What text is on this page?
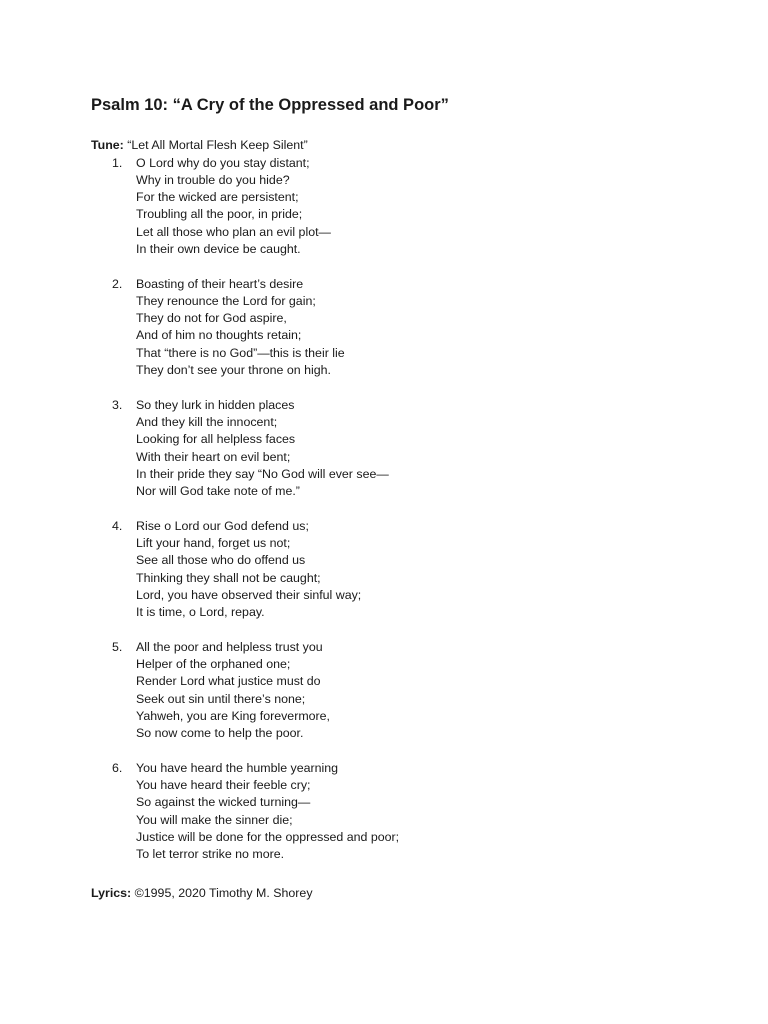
Psalm 10: “A Cry of the Oppressed and Poor”
Tune: “Let All Mortal Flesh Keep Silent”
1.	O Lord why do you stay distant;
Why in trouble do you hide?
For the wicked are persistent;
Troubling all the poor, in pride;
Let all those who plan an evil plot—
In their own device be caught.
2.	Boasting of their heart’s desire
They renounce the Lord for gain;
They do not for God aspire,
And of him no thoughts retain;
That “there is no God”—this is their lie
They don’t see your throne on high.
3.	So they lurk in hidden places
And they kill the innocent;
Looking for all helpless faces
With their heart on evil bent;
In their pride they say “No God will ever see—
Nor will God take note of me.”
4.	Rise o Lord our God defend us;
Lift your hand, forget us not;
See all those who do offend us
Thinking they shall not be caught;
Lord, you have observed their sinful way;
It is time, o Lord, repay.
5.	All the poor and helpless trust you
Helper of the orphaned one;
Render Lord what justice must do
Seek out sin until there’s none;
Yahweh, you are King forevermore,
So now come to help the poor.
6.	You have heard the humble yearning
You have heard their feeble cry;
So against the wicked turning—
You will make the sinner die;
Justice will be done for the oppressed and poor;
To let terror strike no more.
Lyrics: ©1995, 2020 Timothy M. Shorey
